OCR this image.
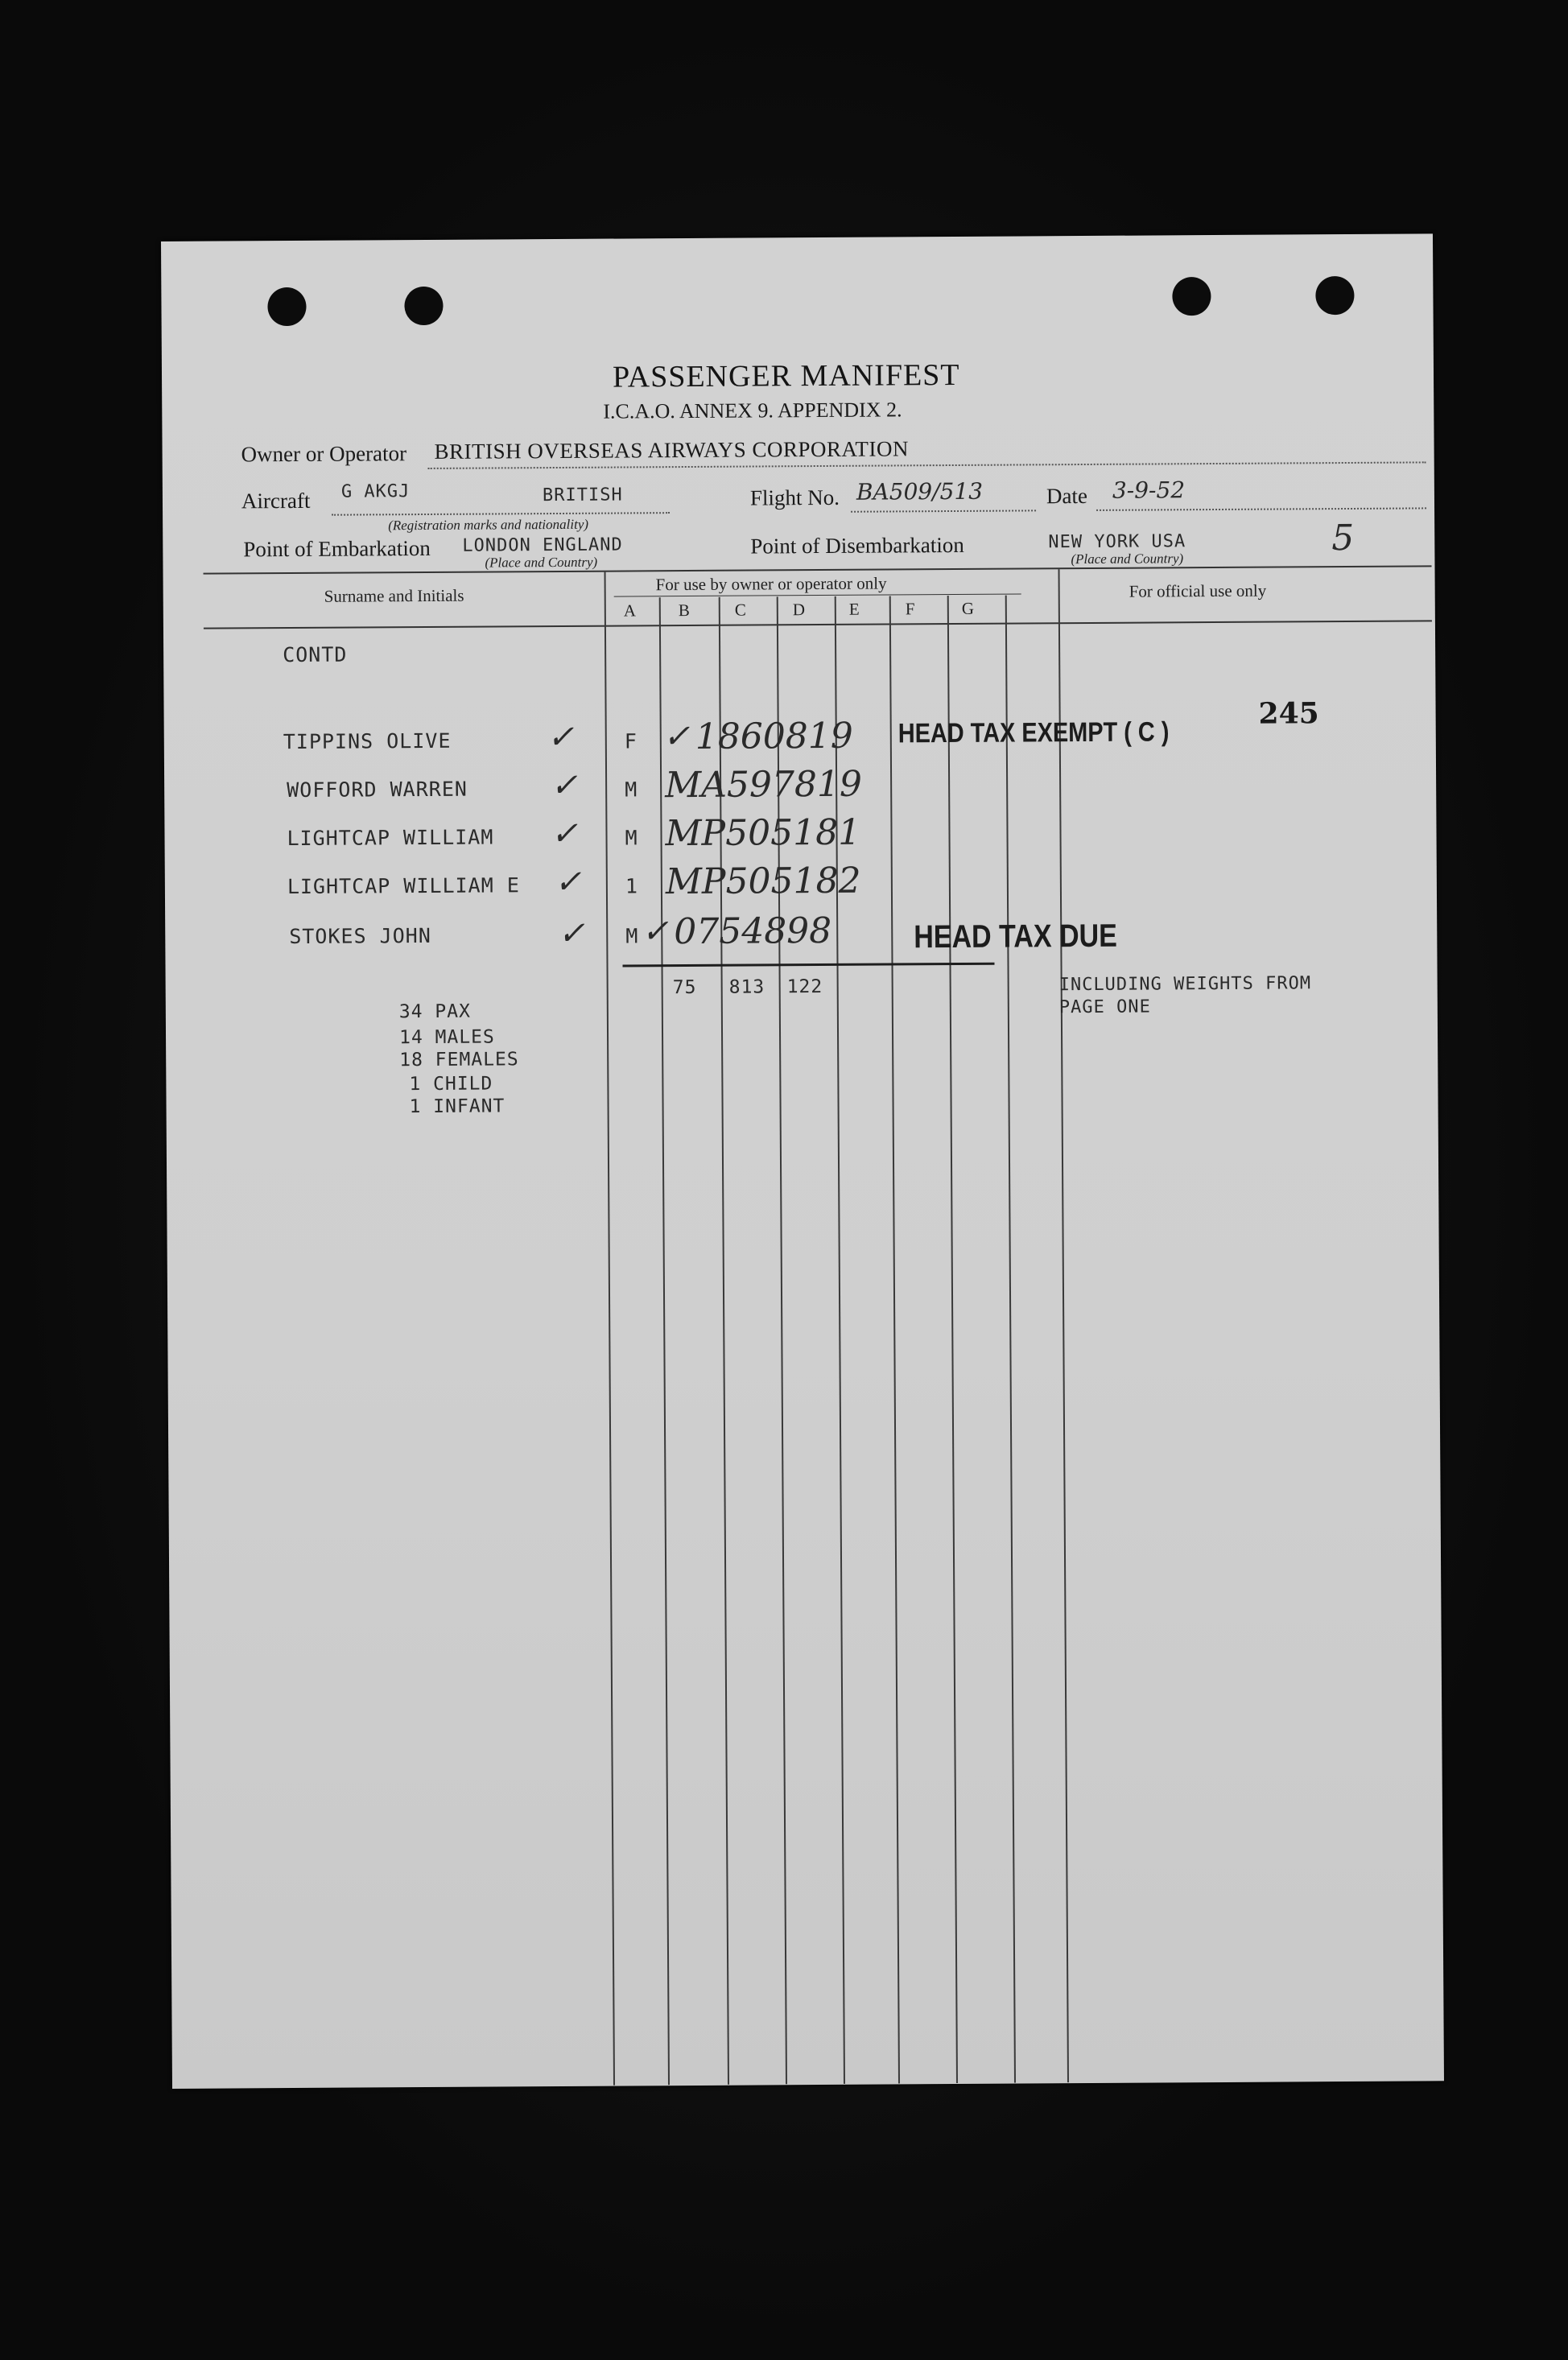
PASSENGER MANIFEST
I.C.A.O. ANNEX 9. APPENDIX 2.
Owner or Operator BRITISH OVERSEAS AIRWAYS CORPORATION
Aircraft G AKGJ	BRITISH
(Registration marks and nationality)
Flight No. BA509/513	Date 3-9-52
Point of Embarkation LONDON ENGLAND
(Place and Country)
Point of Disembarkation	NEW YORK USA
(Place and Country)
5
Surname and Initials
For use by owner or operator only	For official use only
A	B	C	D	E	F	G
CONTD
245
TIPPINS OLIVE	✓ F ✓ 1860819 HEAD TAX EXEMPT ( C )
WOFFORD WARREN	✓ M MA597819
LIGHTCAP WILLIAM ✓ M MP505181
LIGHTCAP WILLIAM E ✓ 1 MP505182
STOKES JOHN	✓ M ✓ 0754898	HEAD TAX DUE
75 813 122	INCLUDING WEIGHTS FROM
PAGE ONE
34 PAX
14 MALES
18 FEMALES
1 CHILD
1 INFANT
